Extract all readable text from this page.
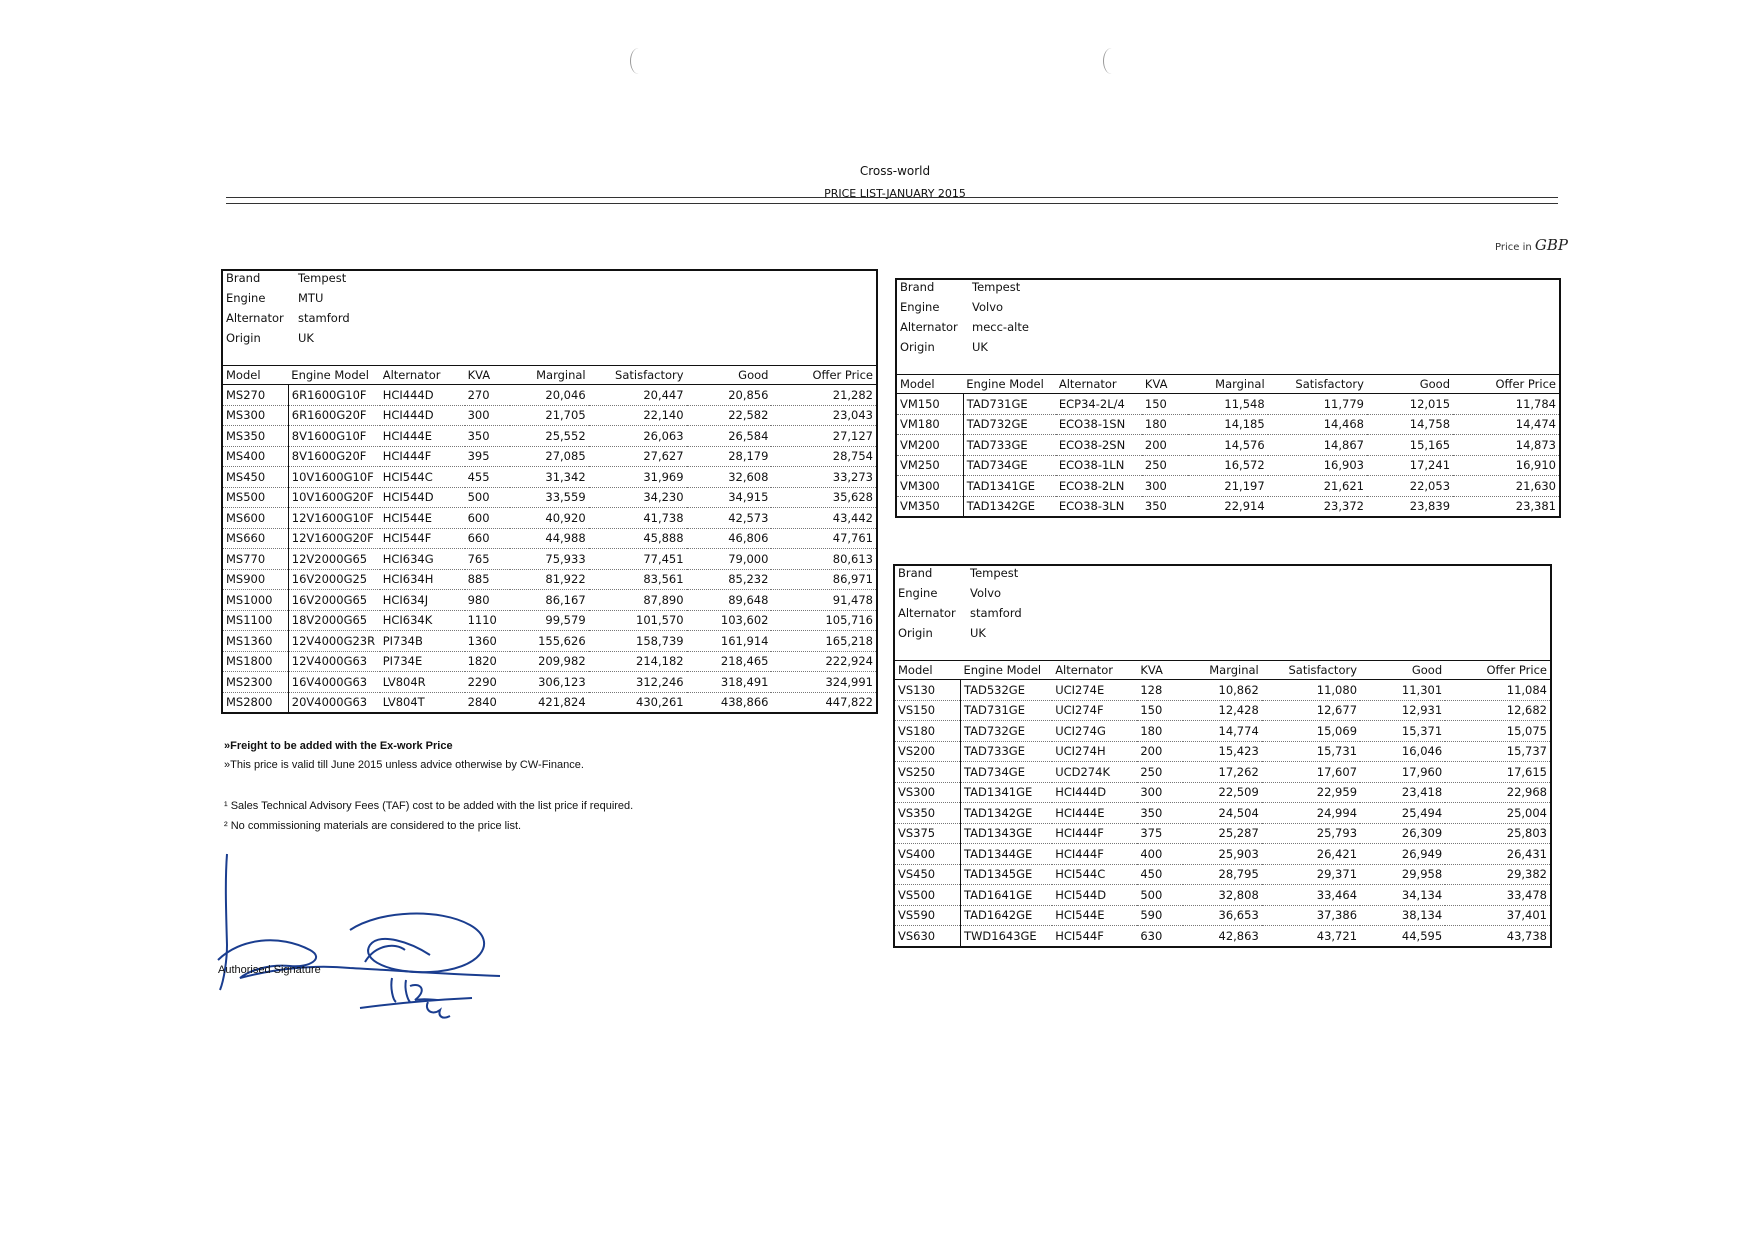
Cross-world
PRICE LIST-JANUARY 2015
Price in GBP
Brand	Tempest
Engine	MTU
Alternator	stamford
Origin	UK
Model	Engine Model	Alternator	KVA	Marginal	Satisfactory	Good	Offer Price
MS270	6R1600G10F	HCI444D	270	20,046	20,447	20,856	21,282
MS300	6R1600G20F	HCI444D	300	21,705	22,140	22,582	23,043
MS350	8V1600G10F	HCI444E	350	25,552	26,063	26,584	27,127
MS400	8V1600G20F	HCI444F	395	27,085	27,627	28,179	28,754
MS450	10V1600G10F	HCI544C	455	31,342	31,969	32,608	33,273
MS500	10V1600G20F	HCI544D	500	33,559	34,230	34,915	35,628
MS600	12V1600G10F	HCI544E	600	40,920	41,738	42,573	43,442
MS660	12V1600G20F	HCI544F	660	44,988	45,888	46,806	47,761
MS770	12V2000G65	HCI634G	765	75,933	77,451	79,000	80,613
MS900	16V2000G25	HCI634H	885	81,922	83,561	85,232	86,971
MS1000	16V2000G65	HCI634J	980	86,167	87,890	89,648	91,478
MS1100	18V2000G65	HCI634K	1110	99,579	101,570	103,602	105,716
MS1360	12V4000G23R	PI734B	1360	155,626	158,739	161,914	165,218
MS1800	12V4000G63	PI734E	1820	209,982	214,182	218,465	222,924
MS2300	16V4000G63	LV804R	2290	306,123	312,246	318,491	324,991
MS2800	20V4000G63	LV804T	2840	421,824	430,261	438,866	447,822
Brand	Tempest
Engine	Volvo
Alternator	mecc-alte
Origin	UK
Model	Engine Model	Alternator	KVA	Marginal	Satisfactory	Good	Offer Price
VM150	TAD731GE	ECP34-2L/4	150	11,548	11,779	12,015	11,784
VM180	TAD732GE	ECO38-1SN	180	14,185	14,468	14,758	14,474
VM200	TAD733GE	ECO38-2SN	200	14,576	14,867	15,165	14,873
VM250	TAD734GE	ECO38-1LN	250	16,572	16,903	17,241	16,910
VM300	TAD1341GE	ECO38-2LN	300	21,197	21,621	22,053	21,630
VM350	TAD1342GE	ECO38-3LN	350	22,914	23,372	23,839	23,381
Brand	Tempest
Engine	Volvo
Alternator	stamford
Origin	UK
Model	Engine Model	Alternator	KVA	Marginal	Satisfactory	Good	Offer Price
VS130	TAD532GE	UCI274E	128	10,862	11,080	11,301	11,084
VS150	TAD731GE	UCI274F	150	12,428	12,677	12,931	12,682
VS180	TAD732GE	UCI274G	180	14,774	15,069	15,371	15,075
VS200	TAD733GE	UCI274H	200	15,423	15,731	16,046	15,737
VS250	TAD734GE	UCD274K	250	17,262	17,607	17,960	17,615
VS300	TAD1341GE	HCI444D	300	22,509	22,959	23,418	22,968
VS350	TAD1342GE	HCI444E	350	24,504	24,994	25,494	25,004
VS375	TAD1343GE	HCI444F	375	25,287	25,793	26,309	25,803
VS400	TAD1344GE	HCI444F	400	25,903	26,421	26,949	26,431
VS450	TAD1345GE	HCI544C	450	28,795	29,371	29,958	29,382
VS500	TAD1641GE	HCI544D	500	32,808	33,464	34,134	33,478
VS590	TAD1642GE	HCI544E	590	36,653	37,386	38,134	37,401
VS630	TWD1643GE	HCI544F	630	42,863	43,721	44,595	43,738
»Freight to be added with the Ex-work Price
»This price is valid till June 2015 unless advice otherwise by CW-Finance.
¹ Sales Technical Advisory Fees (TAF) cost to be added with the list price if required.
² No commissioning materials are considered to the price list.
Authorised Signature
